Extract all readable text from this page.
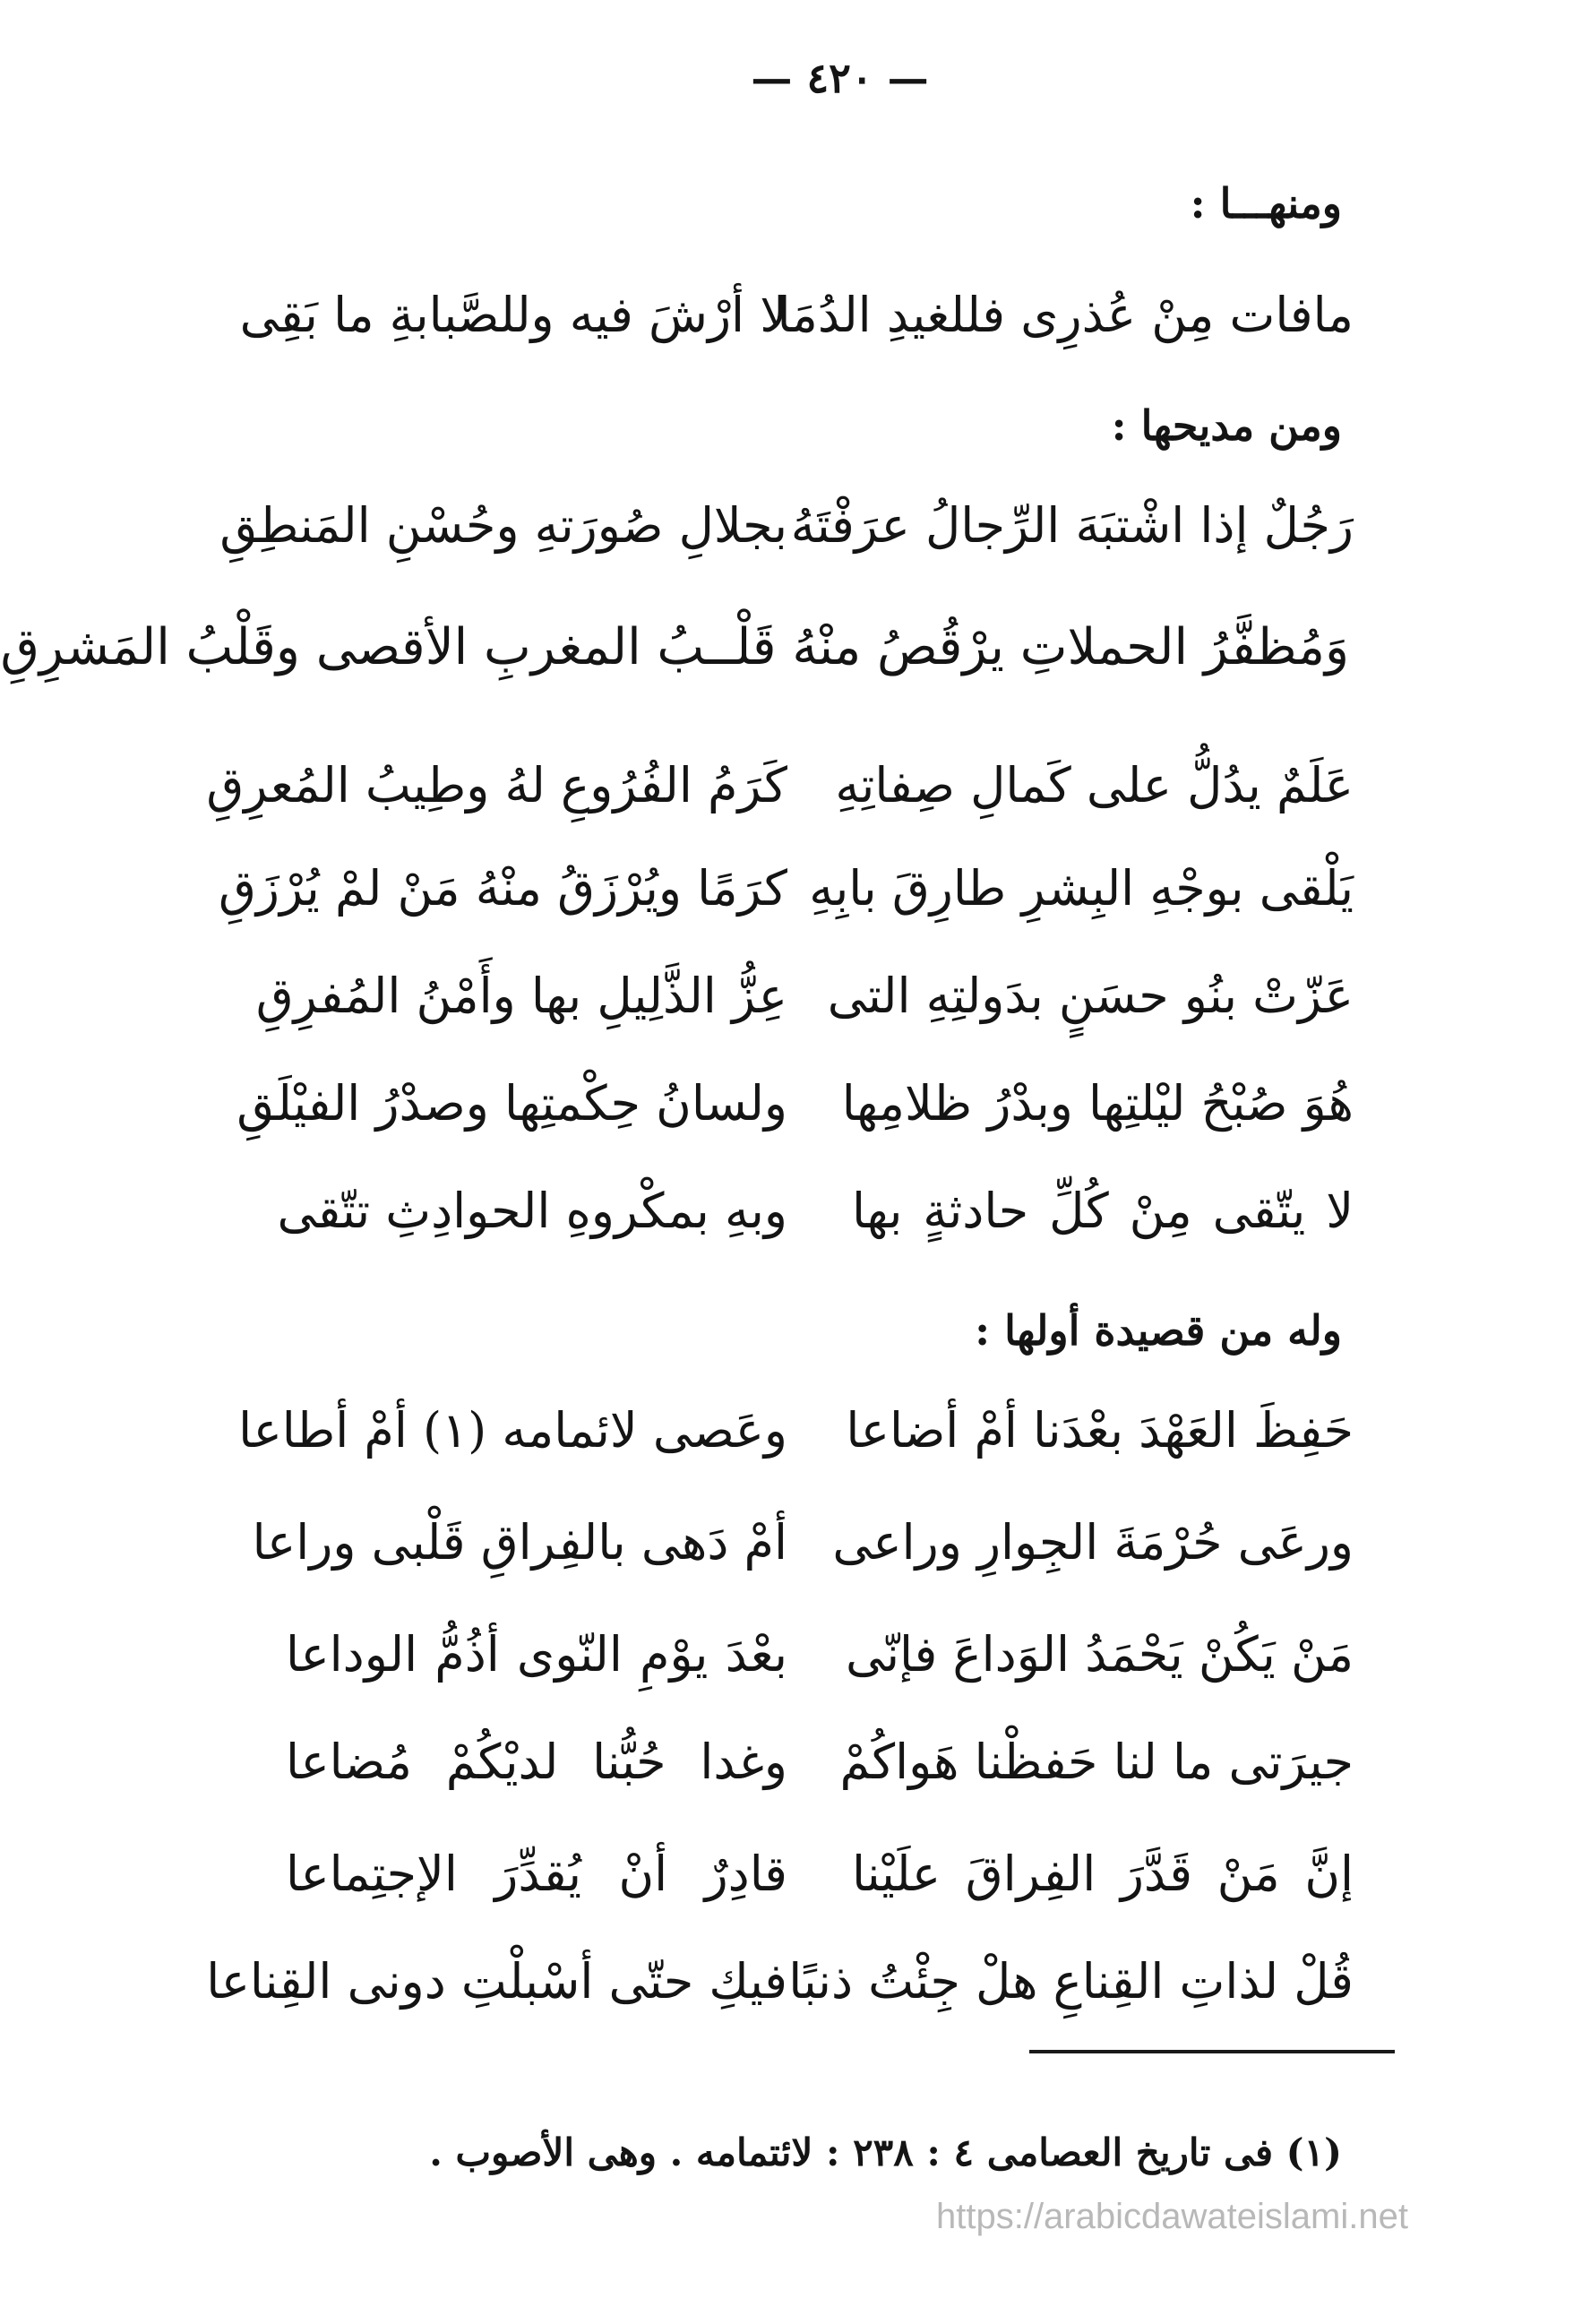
— ٤٢٠ —
ومنهـــا :
مافات مِنْ عُذرِى فللغيدِ الدُمَا
لا أرْشَ فيه وللصَّبابةِ ما بَقِى
ومن مديحها :
رَجُلٌ إذا اشْتبَهَ الرِّجالُ عرَفْتَهُ
بجلالِ صُورَتهِ وحُسْنِ المَنطِقِ
وَمُظفَّرُ الحملاتِ يرْقُصُ منْهُ قَلْــبُ المغربِ الأقصى وقَلْبُ المَشرِقِ
عَلَمٌ يدُلُّ على كَمالِ صِفاتِهِ
كَرَمُ الفُرُوعِ لهُ وطِيبُ المُعرِقِ
يَلْقى بوجْهِ البِشرِ طارِقَ بابِهِ
كرَمًا ويُرْزَقُ منْهُ مَنْ لمْ يُرْزَقِ
عَزّتْ بنُو حسَنٍ بدَولتِهِ التى
عِزُّ الذَّلِيلِ بها وأَمْنُ المُفرِقِ
هُوَ صُبْحُ ليْلتِها وبدْرُ ظلامِها
ولسانُ حِكْمتِها وصدْرُ الفيْلَقِ
لا يتّقى مِنْ كُلِّ حادثةٍ بها
وبهِ بمكْروهِ الحوادِثِ تتّقى
وله من قصيدة أولها :
حَفِظَ العَهْدَ بعْدَنا أمْ أضاعا
وعَصى لائمامه (١) أمْ أطاعا
ورعَى حُرْمَةَ الجِوارِ وراعى
أمْ دَهى بالفِراقِ قَلْبى وراعا
مَنْ يَكُنْ يَحْمَدُ الوَداعَ فإنّى
بعْدَ يوْمِ النّوى أذُمُّ الوداعا
جيرَتى ما لنا حَفظْنا هَواكُمْ
وغدا حُبُّنا لديْكُمْ مُضاعا
إنَّ مَنْ قَدَّرَ الفِراقَ علَيْنا
قادِرٌ أنْ يُقدِّرَ الإجتِماعا
قُلْ لذاتِ القِناعِ هلْ جِئْتُ ذنبًا
فيكِ حتّى أسْبلْتِ دونى القِناعا
(١) فى تاريخ العصامى ٤ : ٢٣٨ : لائتمامه . وهى الأصوب .
https://arabicdawateislami.net
